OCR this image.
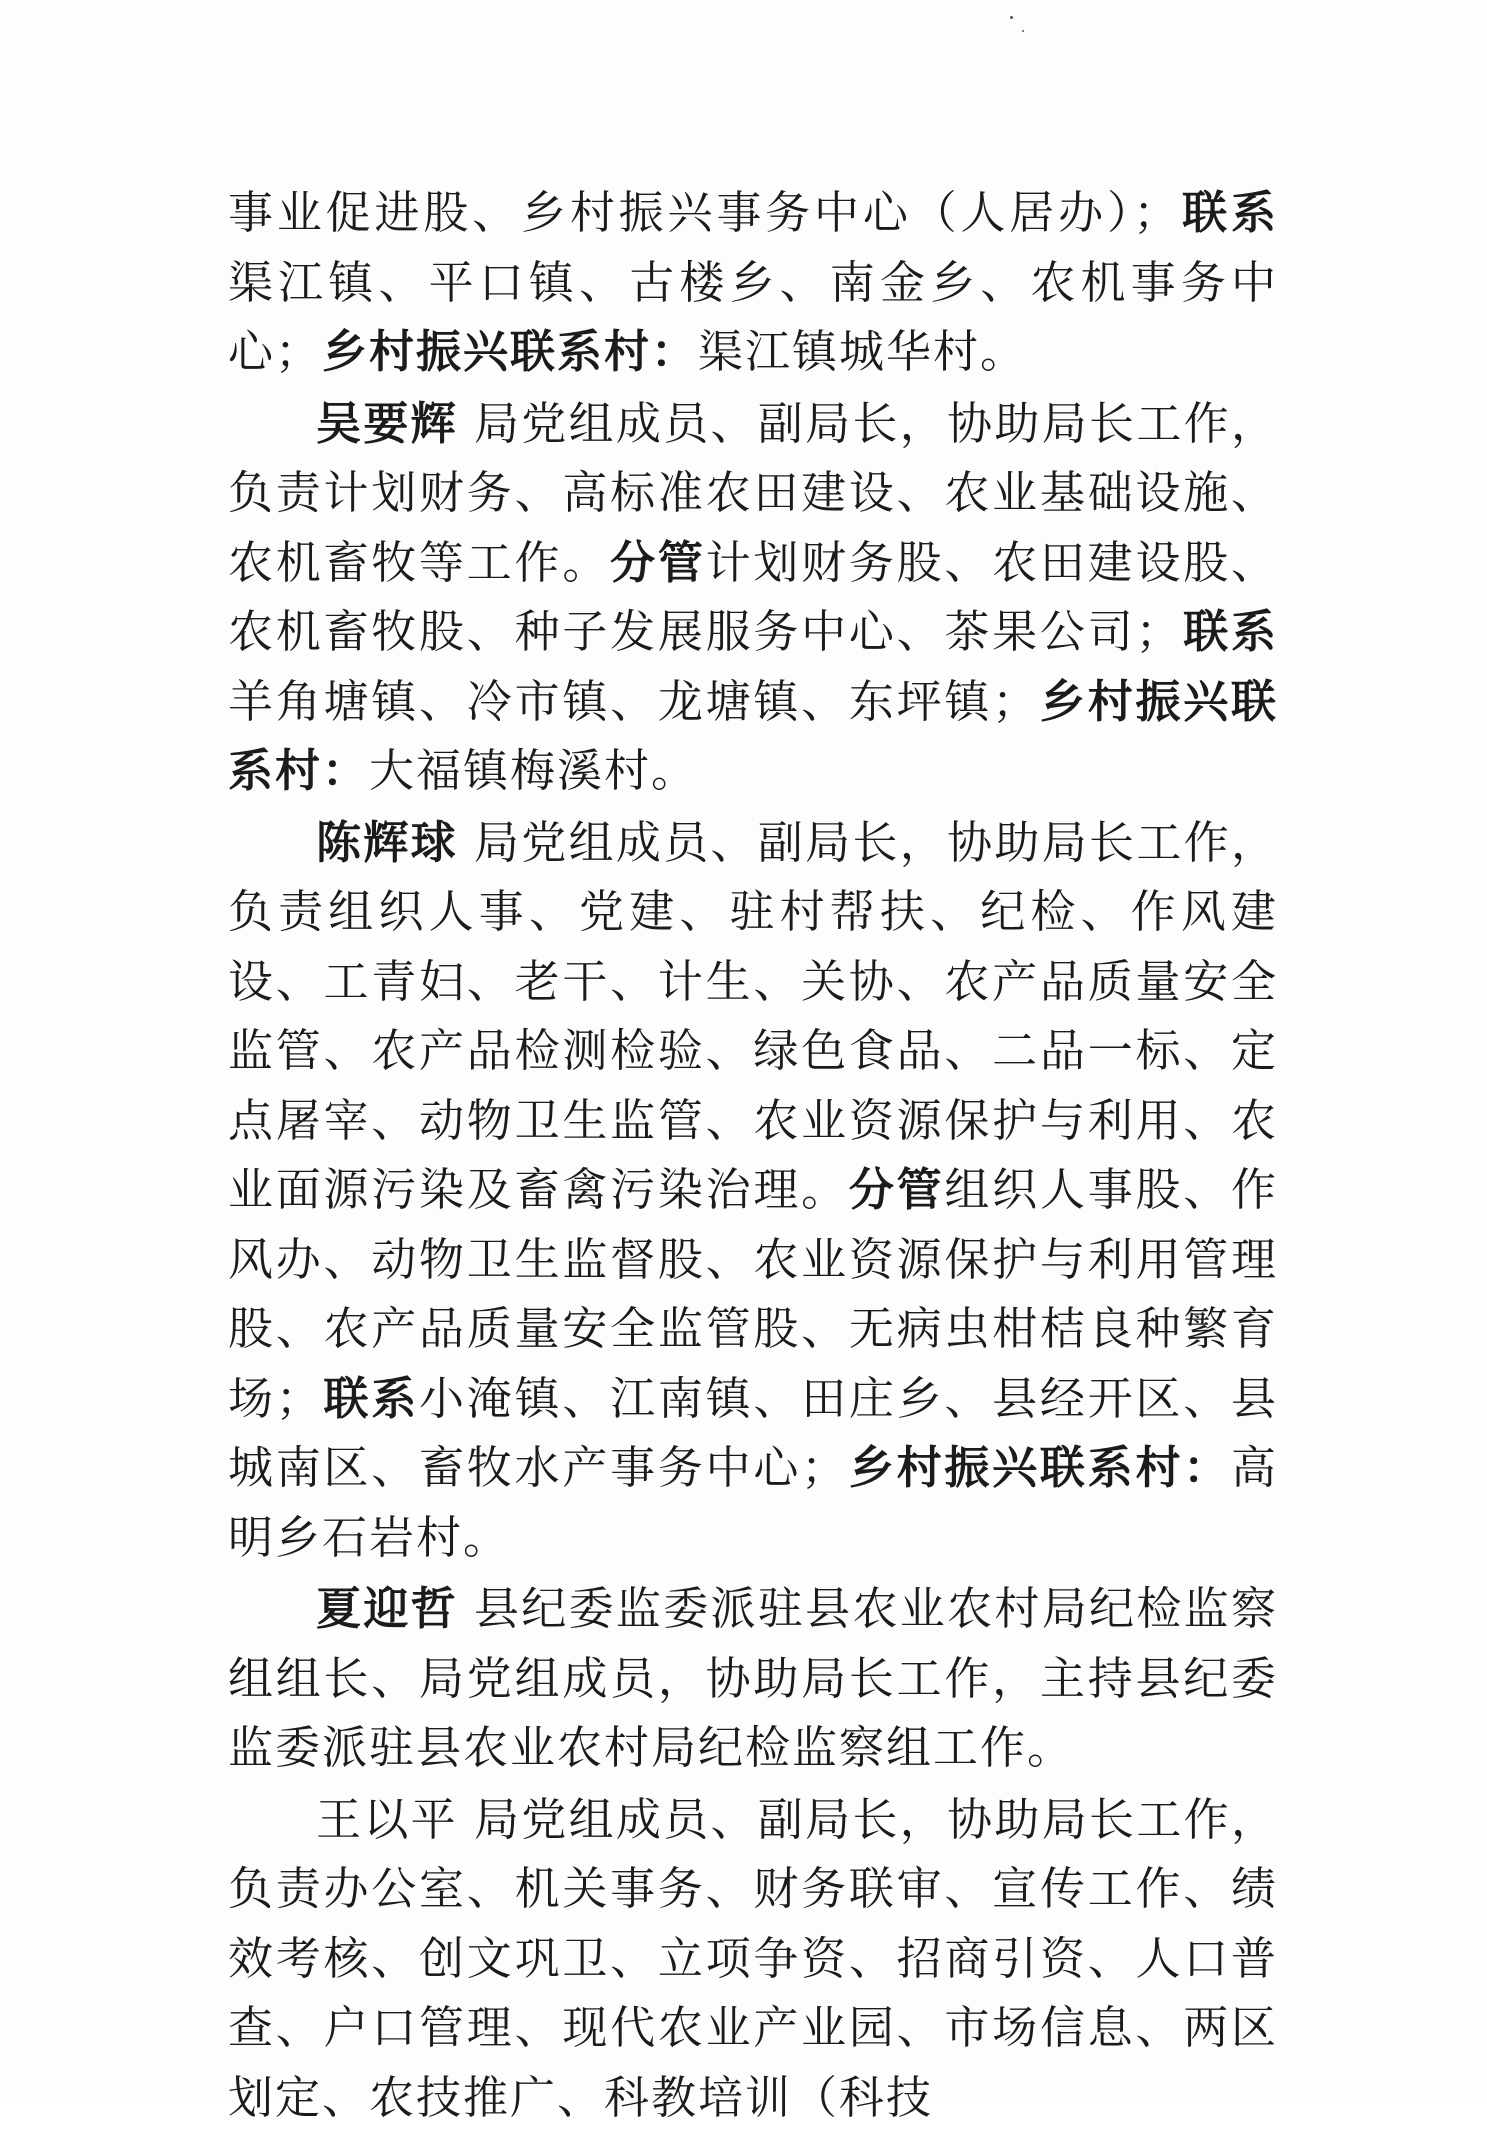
事业促进股、乡村振兴事务中心（人居办）；联系渠江镇、平口镇、古楼乡、南金乡、农机事务中心；乡村振兴联系村：渠江镇城华村。

吴要辉 局党组成员、副局长，协助局长工作，负责计划财务、高标准农田建设、农业基础设施、农机畜牧等工作。分管计划财务股、农田建设股、农机畜牧股、种子发展服务中心、茶果公司；联系羊角塘镇、冷市镇、龙塘镇、东坪镇；乡村振兴联系村：大福镇梅溪村。

陈辉球 局党组成员、副局长，协助局长工作，负责组织人事、党建、驻村帮扶、纪检、作风建设、工青妇、老干、计生、关协、农产品质量安全监管、农产品检测检验、绿色食品、二品一标、定点屠宰、动物卫生监管、农业资源保护与利用、农业面源污染及畜禽污染治理。分管组织人事股、作风办、动物卫生监督股、农业资源保护与利用管理股、农产品质量安全监管股、无病虫柑桔良种繁育场；联系小淹镇、江南镇、田庄乡、县经开区、县城南区、畜牧水产事务中心；乡村振兴联系村：高明乡石岩村。

夏迎哲 县纪委监委派驻县农业农村局纪检监察组组长、局党组成员，协助局长工作，主持县纪委监委派驻县农业农村局纪检监察组工作。

王以平 局党组成员、副局长，协助局长工作，负责办公室、机关事务、财务联审、宣传工作、绩效考核、创文巩卫、立项争资、招商引资、人口普查、户口管理、现代农业产业园、市场信息、两区划定、农技推广、科教培训（科技
